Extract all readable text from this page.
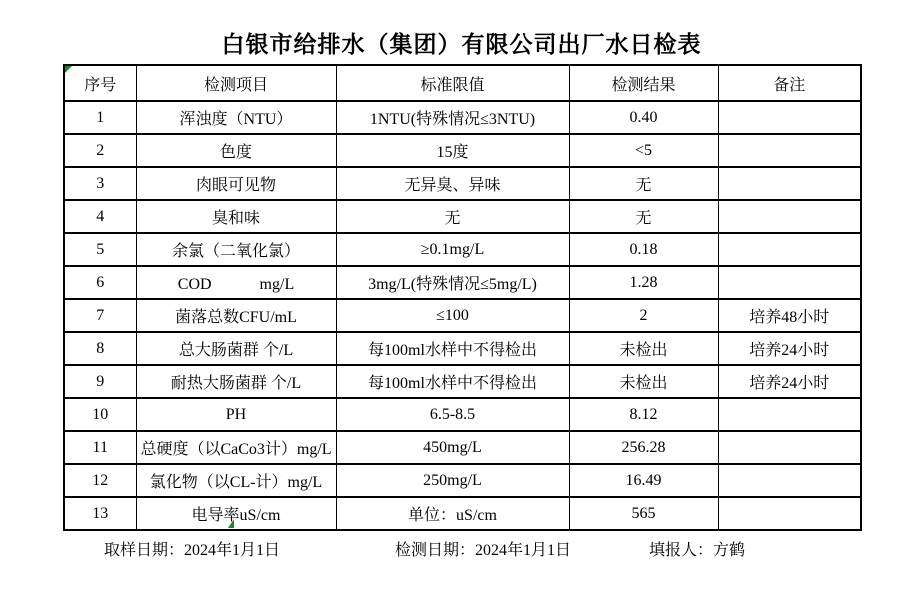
白银市给排水（集团）有限公司出厂水日检表
序号	检测项目	标准限值	检测结果	备注
1	浑浊度（NTU）	1NTU(特殊情况≤3NTU)	0.40	
2	色度	15度	<5	
3	肉眼可见物	无异臭、异味	无	
4	臭和味	无	无	
5	余氯（二氧化氯）	≥0.1mg/L	0.18	
6	COD　　　mg/L	3mg/L(特殊情况≤5mg/L)	1.28	
7	菌落总数CFU/mL	≤100	2	培养48小时
8	总大肠菌群 个/L	每100ml水样中不得检出	未检出	培养24小时
9	耐热大肠菌群 个/L	每100ml水样中不得检出	未检出	培养24小时
10	PH	6.5-8.5	8.12	
11	总硬度（以CaCo3计）mg/L	450mg/L	256.28	
12	氯化物（以CL-计）mg/L	250mg/L	16.49	
13	电导率uS/cm	单位：uS/cm	565	
取样日期：2024年1月1日	检测日期：2024年1月1日	填报人：方鹤
